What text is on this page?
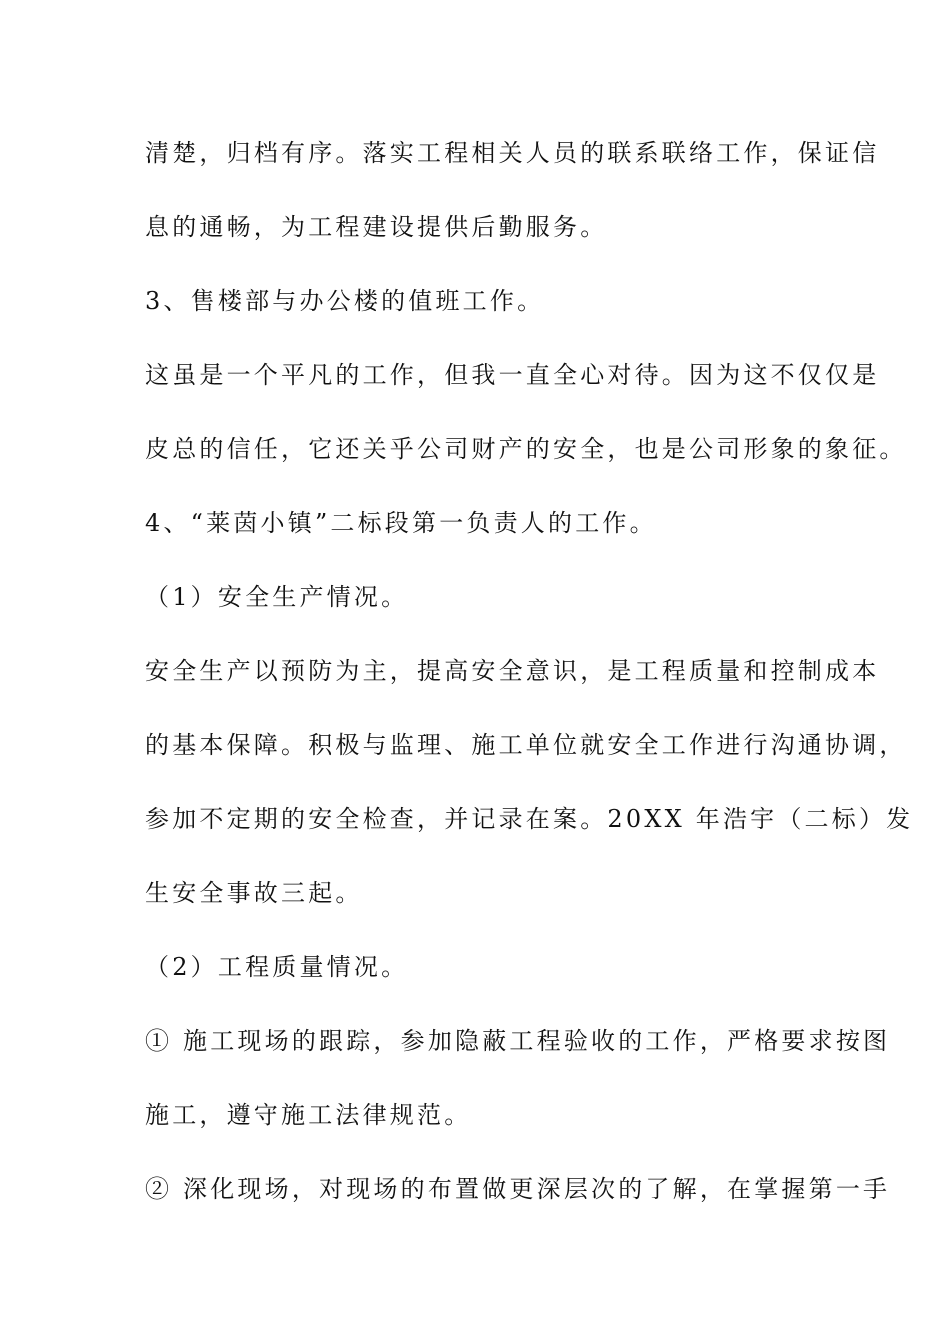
清楚，归档有序。落实工程相关人员的联系联络工作，保证信
息的通畅，为工程建设提供后勤服务。
3、售楼部与办公楼的值班工作。
这虽是一个平凡的工作，但我一直全心对待。因为这不仅仅是
皮总的信任，它还关乎公司财产的安全，也是公司形象的象征。
4、“莱茵小镇”二标段第一负责人的工作。
（1）安全生产情况。
安全生产以预防为主，提高安全意识，是工程质量和控制成本
的基本保障。积极与监理、施工单位就安全工作进行沟通协调，
参加不定期的安全检查，并记录在案。20XX 年浩宇（二标）发
生安全事故三起。
（2）工程质量情况。
① 施工现场的跟踪，参加隐蔽工程验收的工作，严格要求按图
施工，遵守施工法律规范。
② 深化现场，对现场的布置做更深层次的了解，在掌握第一手
